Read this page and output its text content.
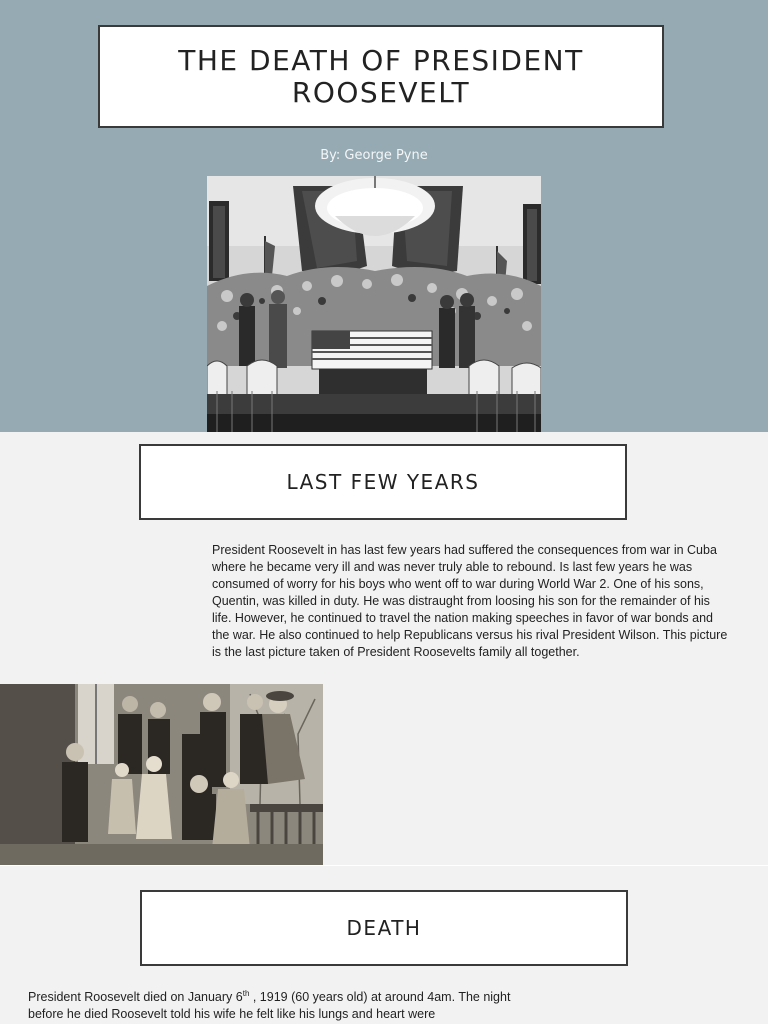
THE DEATH OF PRESIDENT ROOSEVELT
By: George Pyne
LAST FEW YEARS
President Roosevelt in has last few years had suffered the consequences from war in Cuba where he became very ill and was never truly able to rebound. Is last few years he was consumed of worry for his boys who went off to war during World War 2. One of his sons, Quentin, was killed in duty. He was distraught from loosing his son for the remainder of his life. However, he continued to travel the nation making speeches in favor of war bonds and the war. He also continued to help Republicans versus his rival President Wilson. This picture is the last picture taken of President Roosevelts family all together.
DEATH
President Roosevelt died on January 6th , 1919 (60 years old) at around 4am. The night before he died Roosevelt told his wife he felt like his lungs and heart were
